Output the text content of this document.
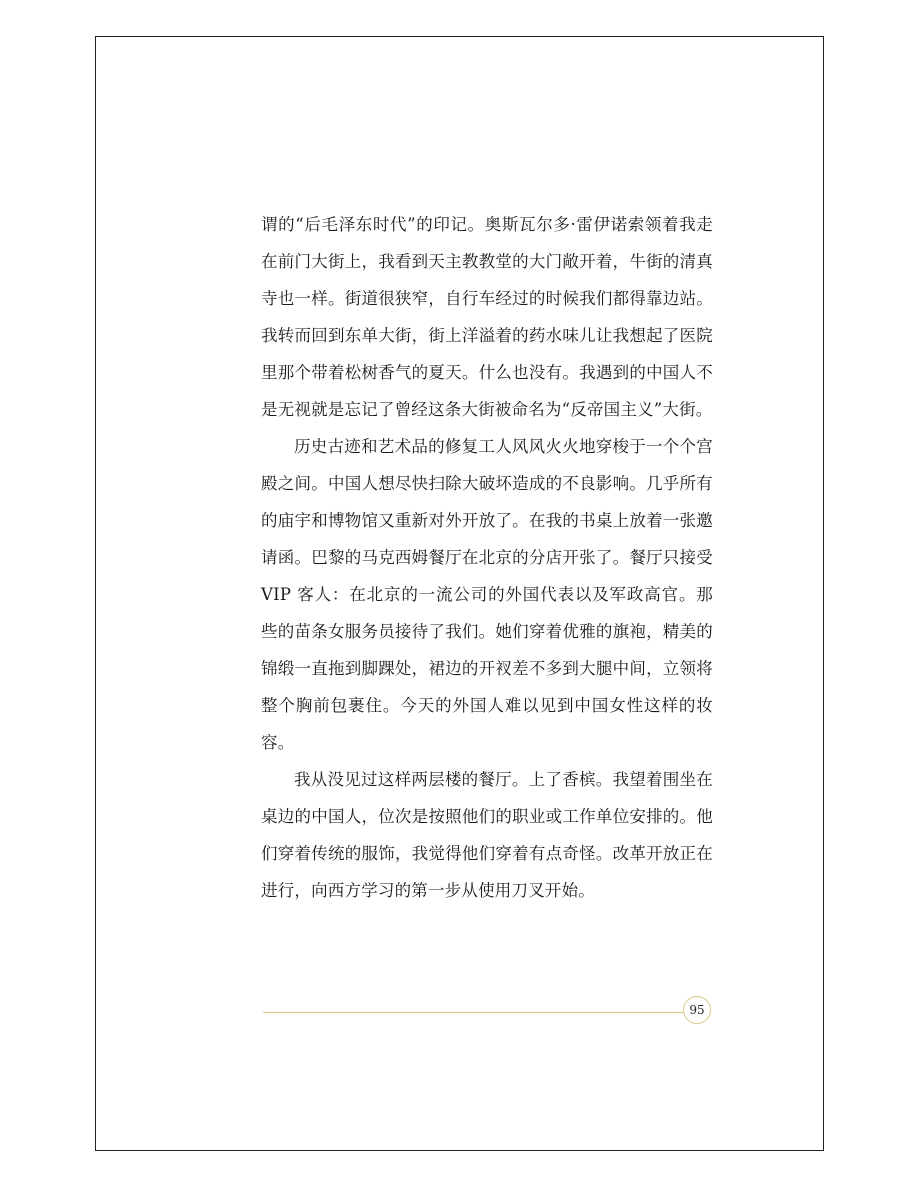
谓的“后毛泽东时代”的印记。奥斯瓦尔多·雷伊诺索领着我走在前门大街上，我看到天主教教堂的大门敞开着，牛街的清真寺也一样。街道很狭窄，自行车经过的时候我们都得靠边站。我转而回到东单大街，街上洋溢着的药水味儿让我想起了医院里那个带着松树香气的夏天。什么也没有。我遇到的中国人不是无视就是忘记了曾经这条大街被命名为“反帝国主义”大街。

历史古迹和艺术品的修复工人风风火火地穿梭于一个个宫殿之间。中国人想尽快扫除大破坏造成的不良影响。几乎所有的庙宇和博物馆又重新对外开放了。在我的书桌上放着一张邀请函。巴黎的马克西姆餐厅在北京的分店开张了。餐厅只接受 VIP 客人：在北京的一流公司的外国代表以及军政高官。那些的苗条女服务员接待了我们。她们穿着优雅的旗袍，精美的锦缎一直拖到脚踝处，裙边的开衩差不多到大腿中间，立领将整个胸前包裹住。今天的外国人难以见到中国女性这样的妆容。

我从没见过这样两层楼的餐厅。上了香槟。我望着围坐在桌边的中国人，位次是按照他们的职业或工作单位安排的。他们穿着传统的服饰，我觉得他们穿着有点奇怪。改革开放正在进行，向西方学习的第一步从使用刀叉开始。

95
